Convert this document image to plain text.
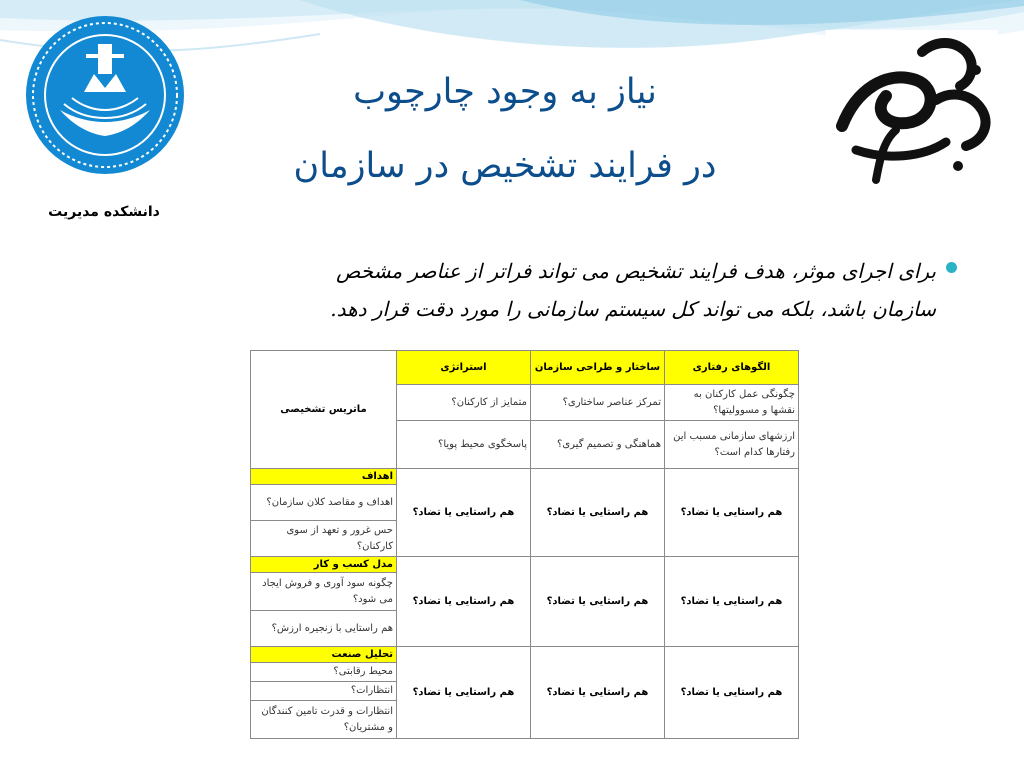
نیاز به وجود چارچوب
در فرایند تشخیص در سازمان
دانشکده مدیریت
برای اجرای موثر، هدف فرایند تشخیص می تواند فراتر از عناصر مشخص سازمان باشد، بلکه می تواند کل سیستم سازمانی را مورد دقت قرار دهد.
الگوهای رفتاری	ساختار و طراحی سازمان	استراتژی	ماتریس تشخیصی
چگونگی عمل کارکنان به نقشها و مسوولیتها؟	تمرکز عناصر ساختاری؟	متمایز از کارکنان؟	
ارزشهای سازمانی مسبب این رفتارها کدام است؟	هماهنگی و تصمیم گیری؟	پاسخگوی محیط پویا؟	
هم راستایی یا تضاد؟	هم راستایی یا تضاد؟	هم راستایی یا تضاد؟	اهداف
			اهداف و مقاصد کلان سازمان؟
			حس غرور و تعهد از سوی کارکنان؟
هم راستایی یا تضاد؟	هم راستایی یا تضاد؟	هم راستایی یا تضاد؟	مدل کسب و کار
			چگونه سود آوری و فروش ایجاد می شود؟
			هم راستایی با زنجیره ارزش؟
هم راستایی یا تضاد؟	هم راستایی یا تضاد؟	هم راستایی یا تضاد؟	تحلیل صنعت
			محیط رقابتی؟
			انتظارات؟
			انتظارات و قدرت تامین کنندگان و مشتریان؟
